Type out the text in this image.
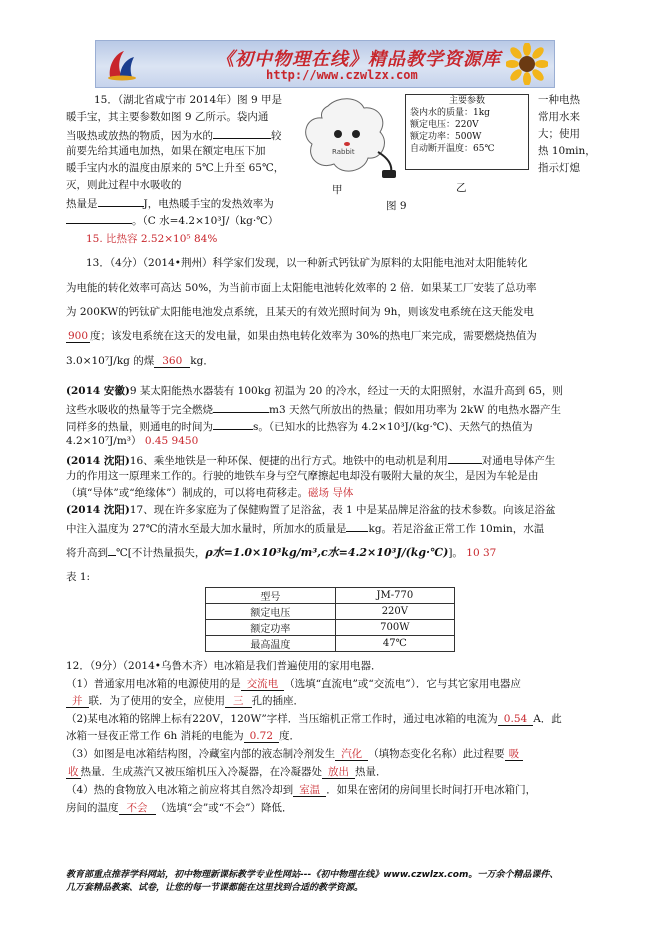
《初中物理在线》精品教学资源库
http://www.czwlzx.com
15．（湖北省咸宁市 2014年）图 9 甲是
暖手宝，其主要参数如图 9 乙所示。袋内通
当吸热或放热的物质，因为水的	较
前要先给其通电加热，如果在额定电压下加
暖手宝内水的温度由原来的 5℃上升至 65℃，
灭，则此过程中水吸收的
热量是	J，电热暖手宝的发热效率为
。（C 水=4.2×10³J/（kg·℃）
15. 比热容 2.52×10⁵ 84%
Rabbit
主要参数
袋内水的质量：1kg
额定电压：220V
额定功率：500W
自动断开温度：65℃
甲	乙
图 9
一种电热
常用水来
大；使用
热 10min，
指示灯熄
13．（4分）（2014•荆州）科学家们发现，以一种新式钙钛矿为原料的太阳能电池对太阳能转化
为电能的转化效率可高达 50%，为当前市面上太阳能电池转化效率的 2 倍．如果某工厂安装了总功率
为 200KW的钙钛矿太阳能电池发点系统，且某天的有效光照时间为 9h，则该发电系统在这天能发电
900 度；该发电系统在这天的发电量，如果由热电转化效率为 30%的热电厂来完成，需要燃烧热值为
3.0×10⁷J/kg 的煤 360 kg．
(2014 安徽)9 某太阳能热水器装有 100kg 初温为 20 的冷水，经过一天的太阳照射，水温升高到 65，则
这些水吸收的热量等于完全燃烧	m3 天然气所放出的热量；假如用功率为 2kW 的电热水器产生
同样多的热量，则通电的时间为	s。（已知水的比热容为 4.2×10³J/(kg·℃)、天然气的热值为
4.2×10⁷J/m³） 0.45 9450
(2014 沈阳)16、乘坐地铁是一种环保、便捷的出行方式。地铁中的电动机是利用	对通电导体产生
力的作用这一原理来工作的。行驶的地铁车身与空气摩擦起电却没有吸附大量的灰尘，是因为车轮是由
（填“导体”或“绝缘体”）制成的，可以将电荷移走。磁场 导体
(2014 沈阳)17、现在许多家庭为了保健购置了足浴盆，表 1 中是某品牌足浴盆的技术参数。向该足浴盆
中注入温度为 27℃的清水至最大加水量时，所加水的质量是 kg。若足浴盆正常工作 10min，水温
将升高到 ℃[不计热量损失，ρ水=1.0×10³kg/m³,c水=4.2×10³J/(kg·℃)]。 10 37
表 1:
型号	JM-770
额定电压	220V
额定功率	700W
最高温度	47℃
12．（9分）（2014•乌鲁木齐）电冰箱是我们普遍使用的家用电器．
（1）普通家用电冰箱的电源使用的是 交流电 （选填“直流电”或“交流电”）．它与其它家用电器应
并 联．为了使用的安全，应使用 三 孔的插座．
（2)某电冰箱的铭牌上标有220V，120W”字样．当压缩机正常工作时，通过电冰箱的电流为 0.54 A．此
冰箱一昼夜正常工作 6h 消耗的电能为 0.72 度．
（3）如图是电冰箱结构图，冷藏室内部的液态制冷剂发生 汽化 （填物态变化名称）此过程要 吸
收 热量．生成蒸汽又被压缩机压入冷凝器，在冷凝器处 放出 热量．
（4）热的食物放入电冰箱之前应将其自然冷却到 室温 ．如果在密闭的房间里长时间打开电冰箱门，
房间的温度 不会 （选填“会”或“不会”）降低．
教育部重点推荐学科网站，初中物理新课标教学专业性网站---《初中物理在线》www.czwlzx.com。一万余个精品课件、
几万套精品教案、试卷，让您的每一节课都能在这里找到合适的教学资源。
